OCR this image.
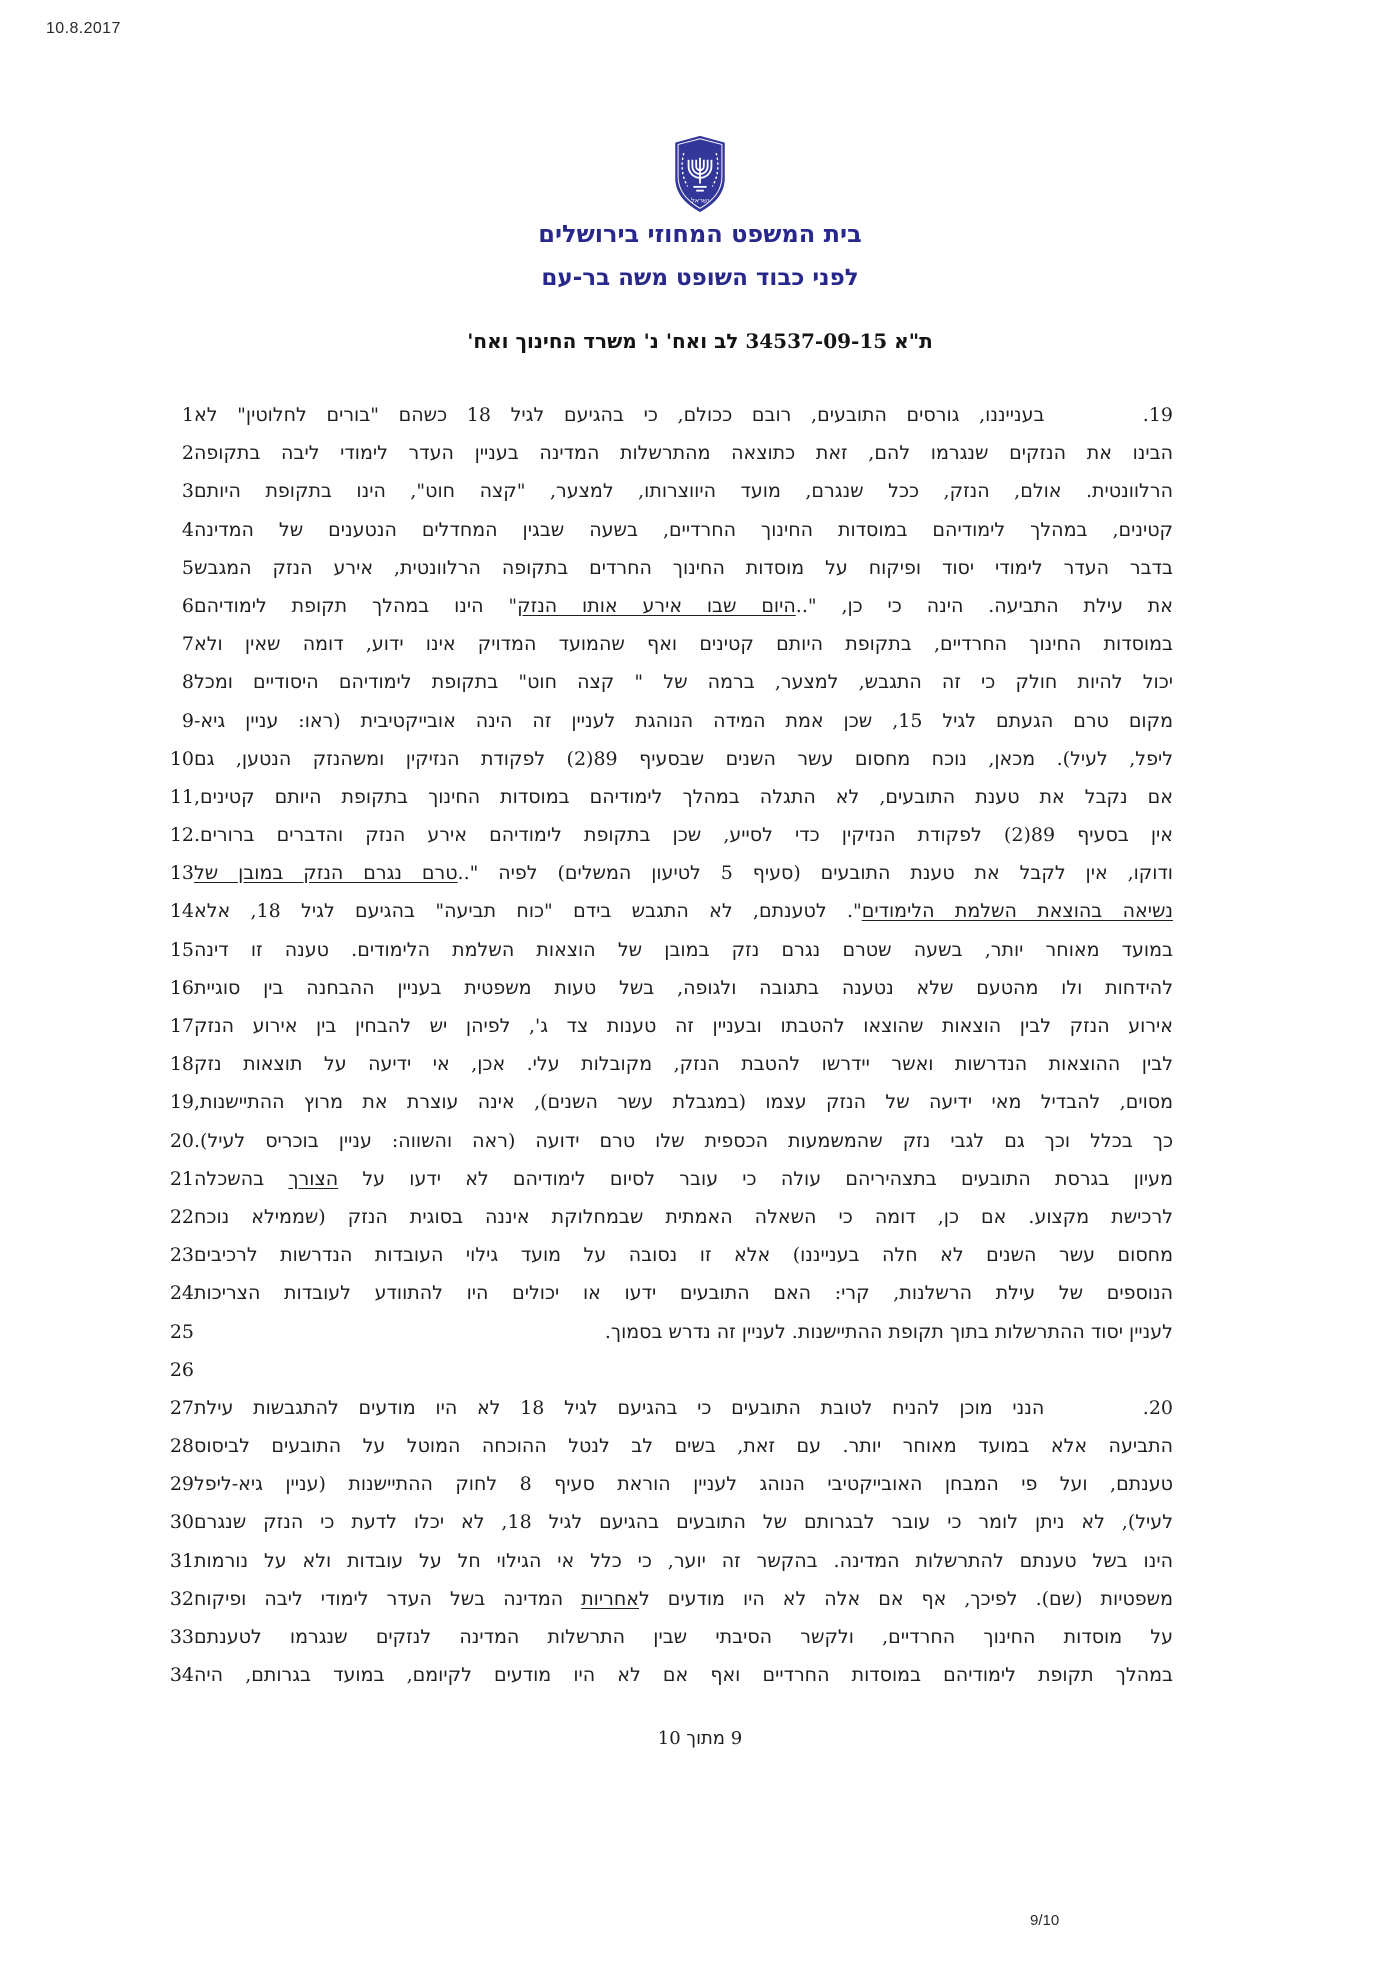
10.8.2017
ישראל
בית המשפט המחוזי בירושלים
לפני כבוד השופט משה בר-עם
ת"א 34537-09-15 לב ואח' נ' משרד החינוך ואח'
1 19.     בענייננו, גורסים התובעים, רובם ככולם, כי בהגיעם לגיל 18 כשהם "בורים לחלוטין" לא
2 הבינו את הנזקים שנגרמו להם, זאת כתוצאה מהתרשלות המדינה בעניין העדר לימודי ליבה בתקופה
3 הרלוונטית. אולם, הנזק, ככל שנגרם, מועד היווצרותו, למצער, "קצה חוט", הינו בתקופת היותם
4 קטינים, במהלך לימודיהם במוסדות החינוך החרדיים, בשעה שבגין המחדלים הנטענים של המדינה
5 בדבר העדר לימודי יסוד ופיקוח על מוסדות החינוך החרדים בתקופה הרלוונטית, אירע הנזק המגבש
6	את עילת התביעה. הינה כי כן, "..היום שבו אירע אותו הנזק" הינו במהלך תקופת לימודיהם
7 במוסדות החינוך החרדיים, בתקופת היותם קטינים ואף שהמועד המדויק אינו ידוע, דומה שאין ולא
8 יכול להיות חולק כי זה התגבש, למצער, ברמה של " קצה חוט" בתקופת לימודיהם היסודיים ומכל
9 מקום טרם הגעתם לגיל 15, שכן אמת המידה הנוהגת לעניין זה הינה אובייקטיבית (ראו: עניין גיא-
10 ליפל, לעיל). מכאן, נוכח מחסום עשר השנים שבסעיף 89(2) לפקודת הנזיקין ומשהנזק הנטען, גם
11 אם נקבל את טענת התובעים, לא התגלה במהלך לימודיהם במוסדות החינוך בתקופת היותם קטינים,
12 אין בסעיף 89(2) לפקודת הנזיקין כדי לסייע, שכן בתקופת לימודיהם אירע הנזק והדברים ברורים.
13	ודוקו, אין לקבל את טענת התובעים (סעיף 5 לטיעון המשלים) לפיה "..טרם נגרם הנזק במובן של
14	נשיאה בהוצאת השלמת הלימודים". לטענתם, לא התגבש בידם "כוח תביעה" בהגיעם לגיל 18, אלא
15 במועד מאוחר יותר, בשעה שטרם נגרם נזק במובן של הוצאות השלמת הלימודים. טענה זו דינה
16 להידחות ולו מהטעם שלא נטענה בתגובה ולגופה, בשל טעות משפטית בעניין ההבחנה בין סוגיית
17 אירוע הנזק לבין הוצאות שהוצאו להטבתו ובעניין זה טענות צד ג', לפיהן יש להבחין בין אירוע הנזק
18 לבין ההוצאות הנדרשות ואשר יידרשו להטבת הנזק, מקובלות עלי. אכן, אי ידיעה על תוצאות נזק
19 מסוים, להבדיל מאי ידיעה של הנזק עצמו (במגבלת עשר השנים), אינה עוצרת את מרוץ ההתיישנות,
20 כך בכלל וכך גם לגבי נזק שהמשמעות הכספית שלו טרם ידועה (ראה והשווה: עניין בוכריס לעיל).
21	מעיון בגרסת התובעים בתצהיריהם עולה כי עובר לסיום לימודיהם לא ידעו על הצורך בהשכלה
22 לרכישת מקצוע. אם כן, דומה כי השאלה האמתית שבמחלוקת איננה בסוגית הנזק (שממילא נוכח
23 מחסום עשר השנים לא חלה בענייננו) אלא זו נסובה על מועד גילוי העובדות הנדרשות לרכיבים
24 הנוספים של עילת הרשלנות, קרי: האם התובעים ידעו או יכולים היו להתוודע לעובדות הצריכות
25	לעניין יסוד ההתרשלות בתוך תקופת ההתיישנות. לעניין זה נדרש בסמוך.
26
27 20.     הנני מוכן להניח לטובת התובעים כי בהגיעם לגיל 18 לא היו מודעים להתגבשות עילת
28 התביעה אלא במועד מאוחר יותר. עם זאת, בשים לב לנטל ההוכחה המוטל על התובעים לביסוס
29 טענתם, ועל פי המבחן האובייקטיבי הנוהג לעניין הוראת סעיף 8 לחוק ההתיישנות (עניין גיא-ליפל
30 לעיל), לא ניתן לומר כי עובר לבגרותם של התובעים בהגיעם לגיל 18, לא יכלו לדעת כי הנזק שנגרם
31 הינו בשל טענתם להתרשלות המדינה. בהקשר זה יוער, כי כלל אי הגילוי חל על עובדות ולא על נורמות
32	משפטיות (שם). לפיכך, אף אם אלה לא היו מודעים לאחריות המדינה בשל העדר לימודי ליבה ופיקוח
33 על מוסדות החינוך החרדיים, ולקשר הסיבתי שבין התרשלות המדינה לנזקים שנגרמו לטענתם
34 במהלך תקופת לימודיהם במוסדות החרדיים ואף אם לא היו מודעים לקיומם, במועד בגרותם, היה
9 מתוך 10
9/10
